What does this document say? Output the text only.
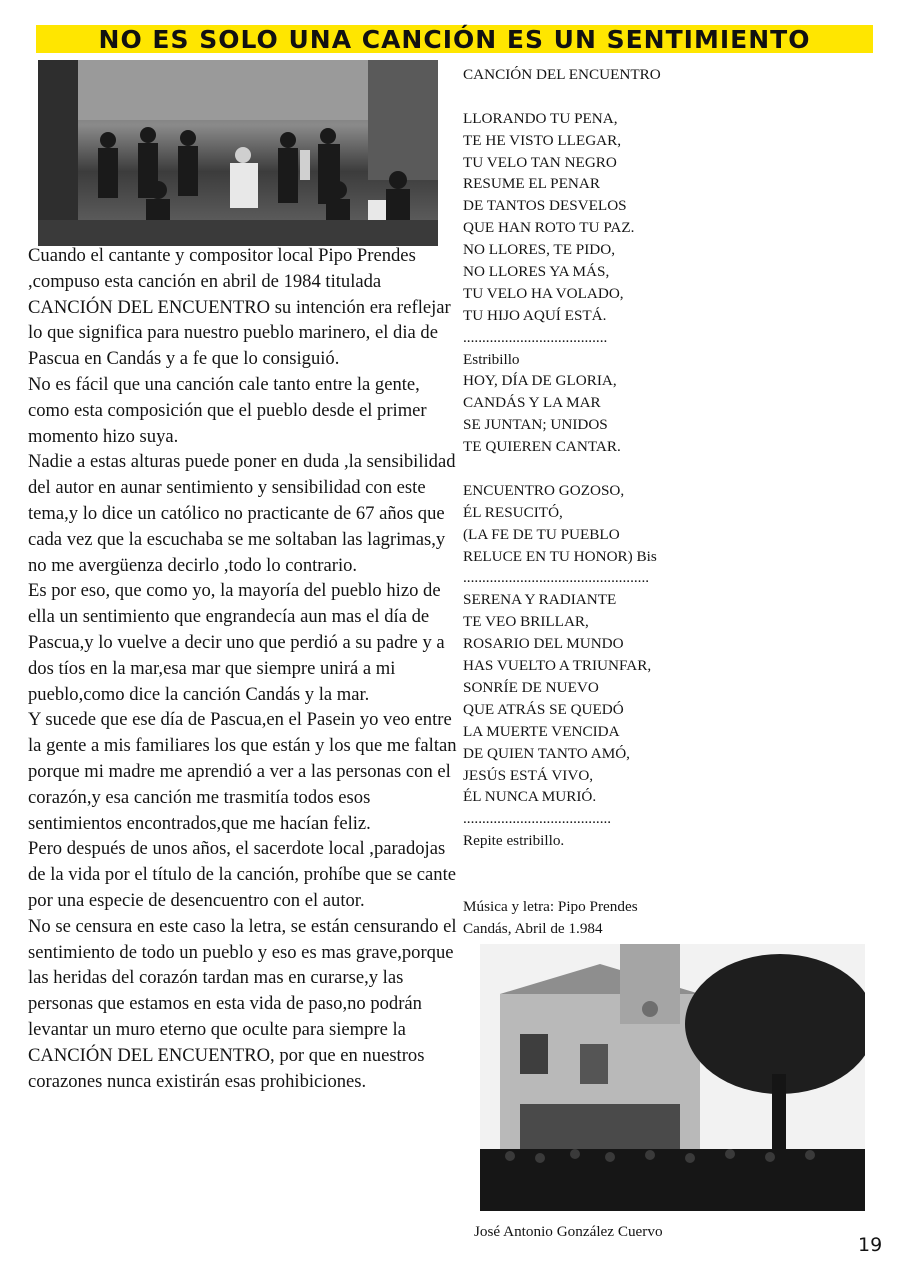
NO ES SOLO UNA CANCIÓN ES UN SENTIMIENTO

Cuando el cantante y compositor local Pipo Prendes ,compuso esta canción en abril de 1984 titulada CANCIÓN DEL ENCUENTRO su intención era reflejar lo que significa para nuestro pueblo marinero, el dia de Pascua en Candás y a fe que lo consiguió.

No es fácil que una canción cale tanto entre la gente, como esta composición que el pueblo desde el primer momento hizo suya.

Nadie a estas alturas puede poner en duda ,la sensibilidad del autor en aunar sentimiento y sensibilidad con este tema,y lo dice un católico no practicante de 67 años que cada vez que la escuchaba se me soltaban las lagrimas,y no me avergüenza decirlo ,todo lo contrario.

Es por eso, que como yo, la mayoría del pueblo hizo de ella un sentimiento que engrandecía aun mas el día de Pascua,y lo vuelve a decir uno que perdió a su padre y a dos tíos en la mar,esa mar que siempre unirá a mi pueblo,como dice la canción Candás y la mar.

Y sucede que ese día de Pascua,en el Pasein yo veo entre la gente a mis familiares los que están y los que me faltan porque mi madre me aprendió a ver a las personas con el corazón,y esa canción me trasmitía todos esos sentimientos encontrados,que me hacían feliz.

Pero después de unos años, el sacerdote local ,paradojas de la vida por el título de la canción, prohíbe que se cante por una especie de desencuentro con el autor.

No se censura en este caso la letra, se están censurando el sentimiento de todo un pueblo y eso es mas grave,porque las heridas del corazón tardan mas en curarse,y las personas que estamos en esta vida de paso,no podrán levantar un muro eterno que oculte para siempre la CANCIÓN DEL ENCUENTRO, por que en nuestros corazones nunca existirán esas prohibiciones.

CANCIÓN DEL ENCUENTRO
LLORANDO TU PENA,
TE HE VISTO LLEGAR,
TU VELO TAN NEGRO
RESUME EL PENAR
DE TANTOS DESVELOS
QUE HAN ROTO TU PAZ.
NO LLORES, TE PIDO,
NO LLORES YA MÁS,
TU VELO HA VOLADO,
TU HIJO AQUÍ ESTÁ.
......................................
Estribillo
HOY, DÍA DE GLORIA,
CANDÁS Y LA MAR
SE JUNTAN; UNIDOS
TE QUIEREN CANTAR.
ENCUENTRO GOZOSO,
ÉL RESUCITÓ,
(LA FE DE TU PUEBLO
RELUCE EN TU HONOR) Bis
.................................................
SERENA Y RADIANTE
TE VEO BRILLAR,
ROSARIO DEL MUNDO
HAS VUELTO A TRIUNFAR,
SONRÍE DE NUEVO
QUE ATRÁS SE QUEDÓ
LA MUERTE VENCIDA
DE QUIEN TANTO AMÓ,
JESÚS ESTÁ VIVO,
ÉL NUNCA MURIÓ.
.......................................
Repite estribillo.
Música y letra: Pipo Prendes
Candás, Abril de 1.984
José Antonio González Cuervo
19
